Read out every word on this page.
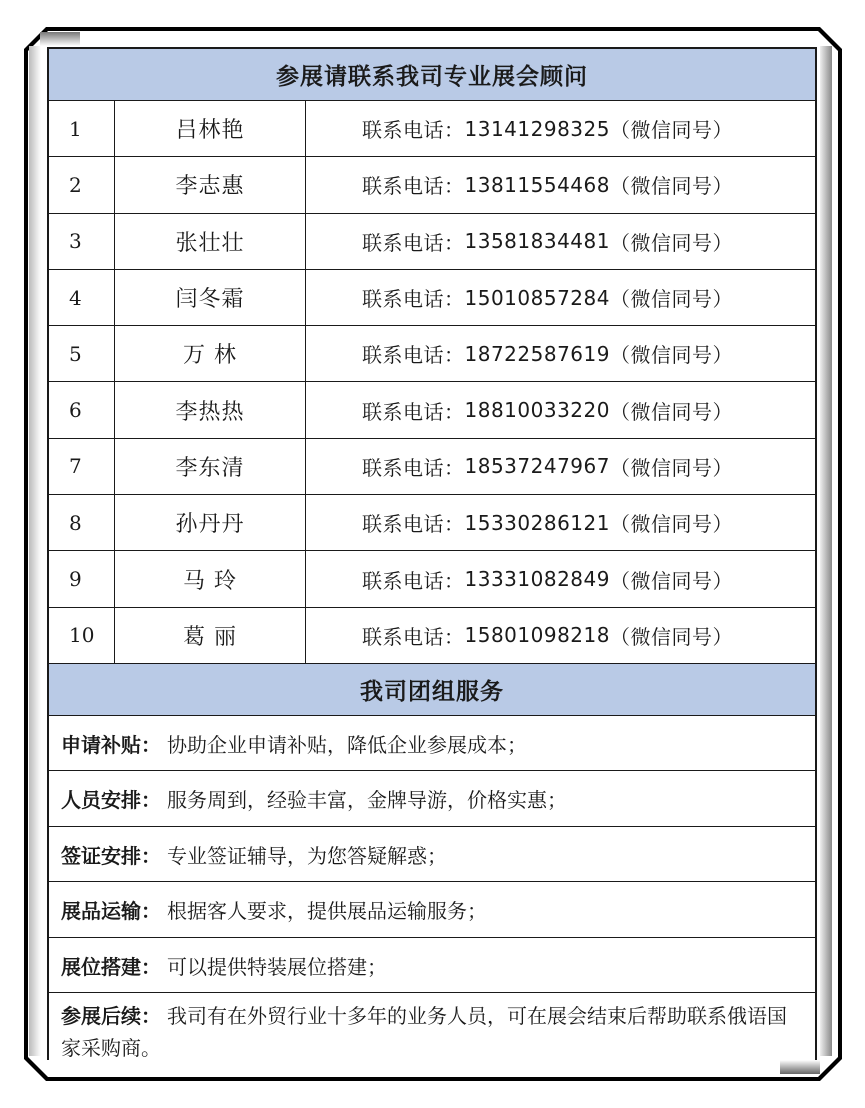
参展请联系我司专业展会顾问
1	吕林艳	联系电话： 13141298325 （微信同号）
2	李志惠	联系电话： 13811554468 （微信同号）
3	张壮壮	联系电话： 13581834481 （微信同号）
4	闫冬霜	联系电话： 15010857284 （微信同号）
5	万 林	联系电话： 18722587619 （微信同号）
6	李热热	联系电话： 18810033220 （微信同号）
7	李东清	联系电话： 18537247967 （微信同号）
8	孙丹丹	联系电话： 15330286121 （微信同号）
9	马 玲	联系电话： 13331082849 （微信同号）
10	葛 丽	联系电话： 15801098218 （微信同号）
我司团组服务
申请补贴： 协助企业申请补贴，降低企业参展成本；
人员安排： 服务周到，经验丰富，金牌导游，价格实惠；
签证安排： 专业签证辅导，为您答疑解惑；
展品运输： 根据客人要求，提供展品运输服务；
展位搭建： 可以提供特装展位搭建；
参展后续： 我司有在外贸行业十多年的业务人员，可在展会结束后帮助联系俄语国家采购商。
